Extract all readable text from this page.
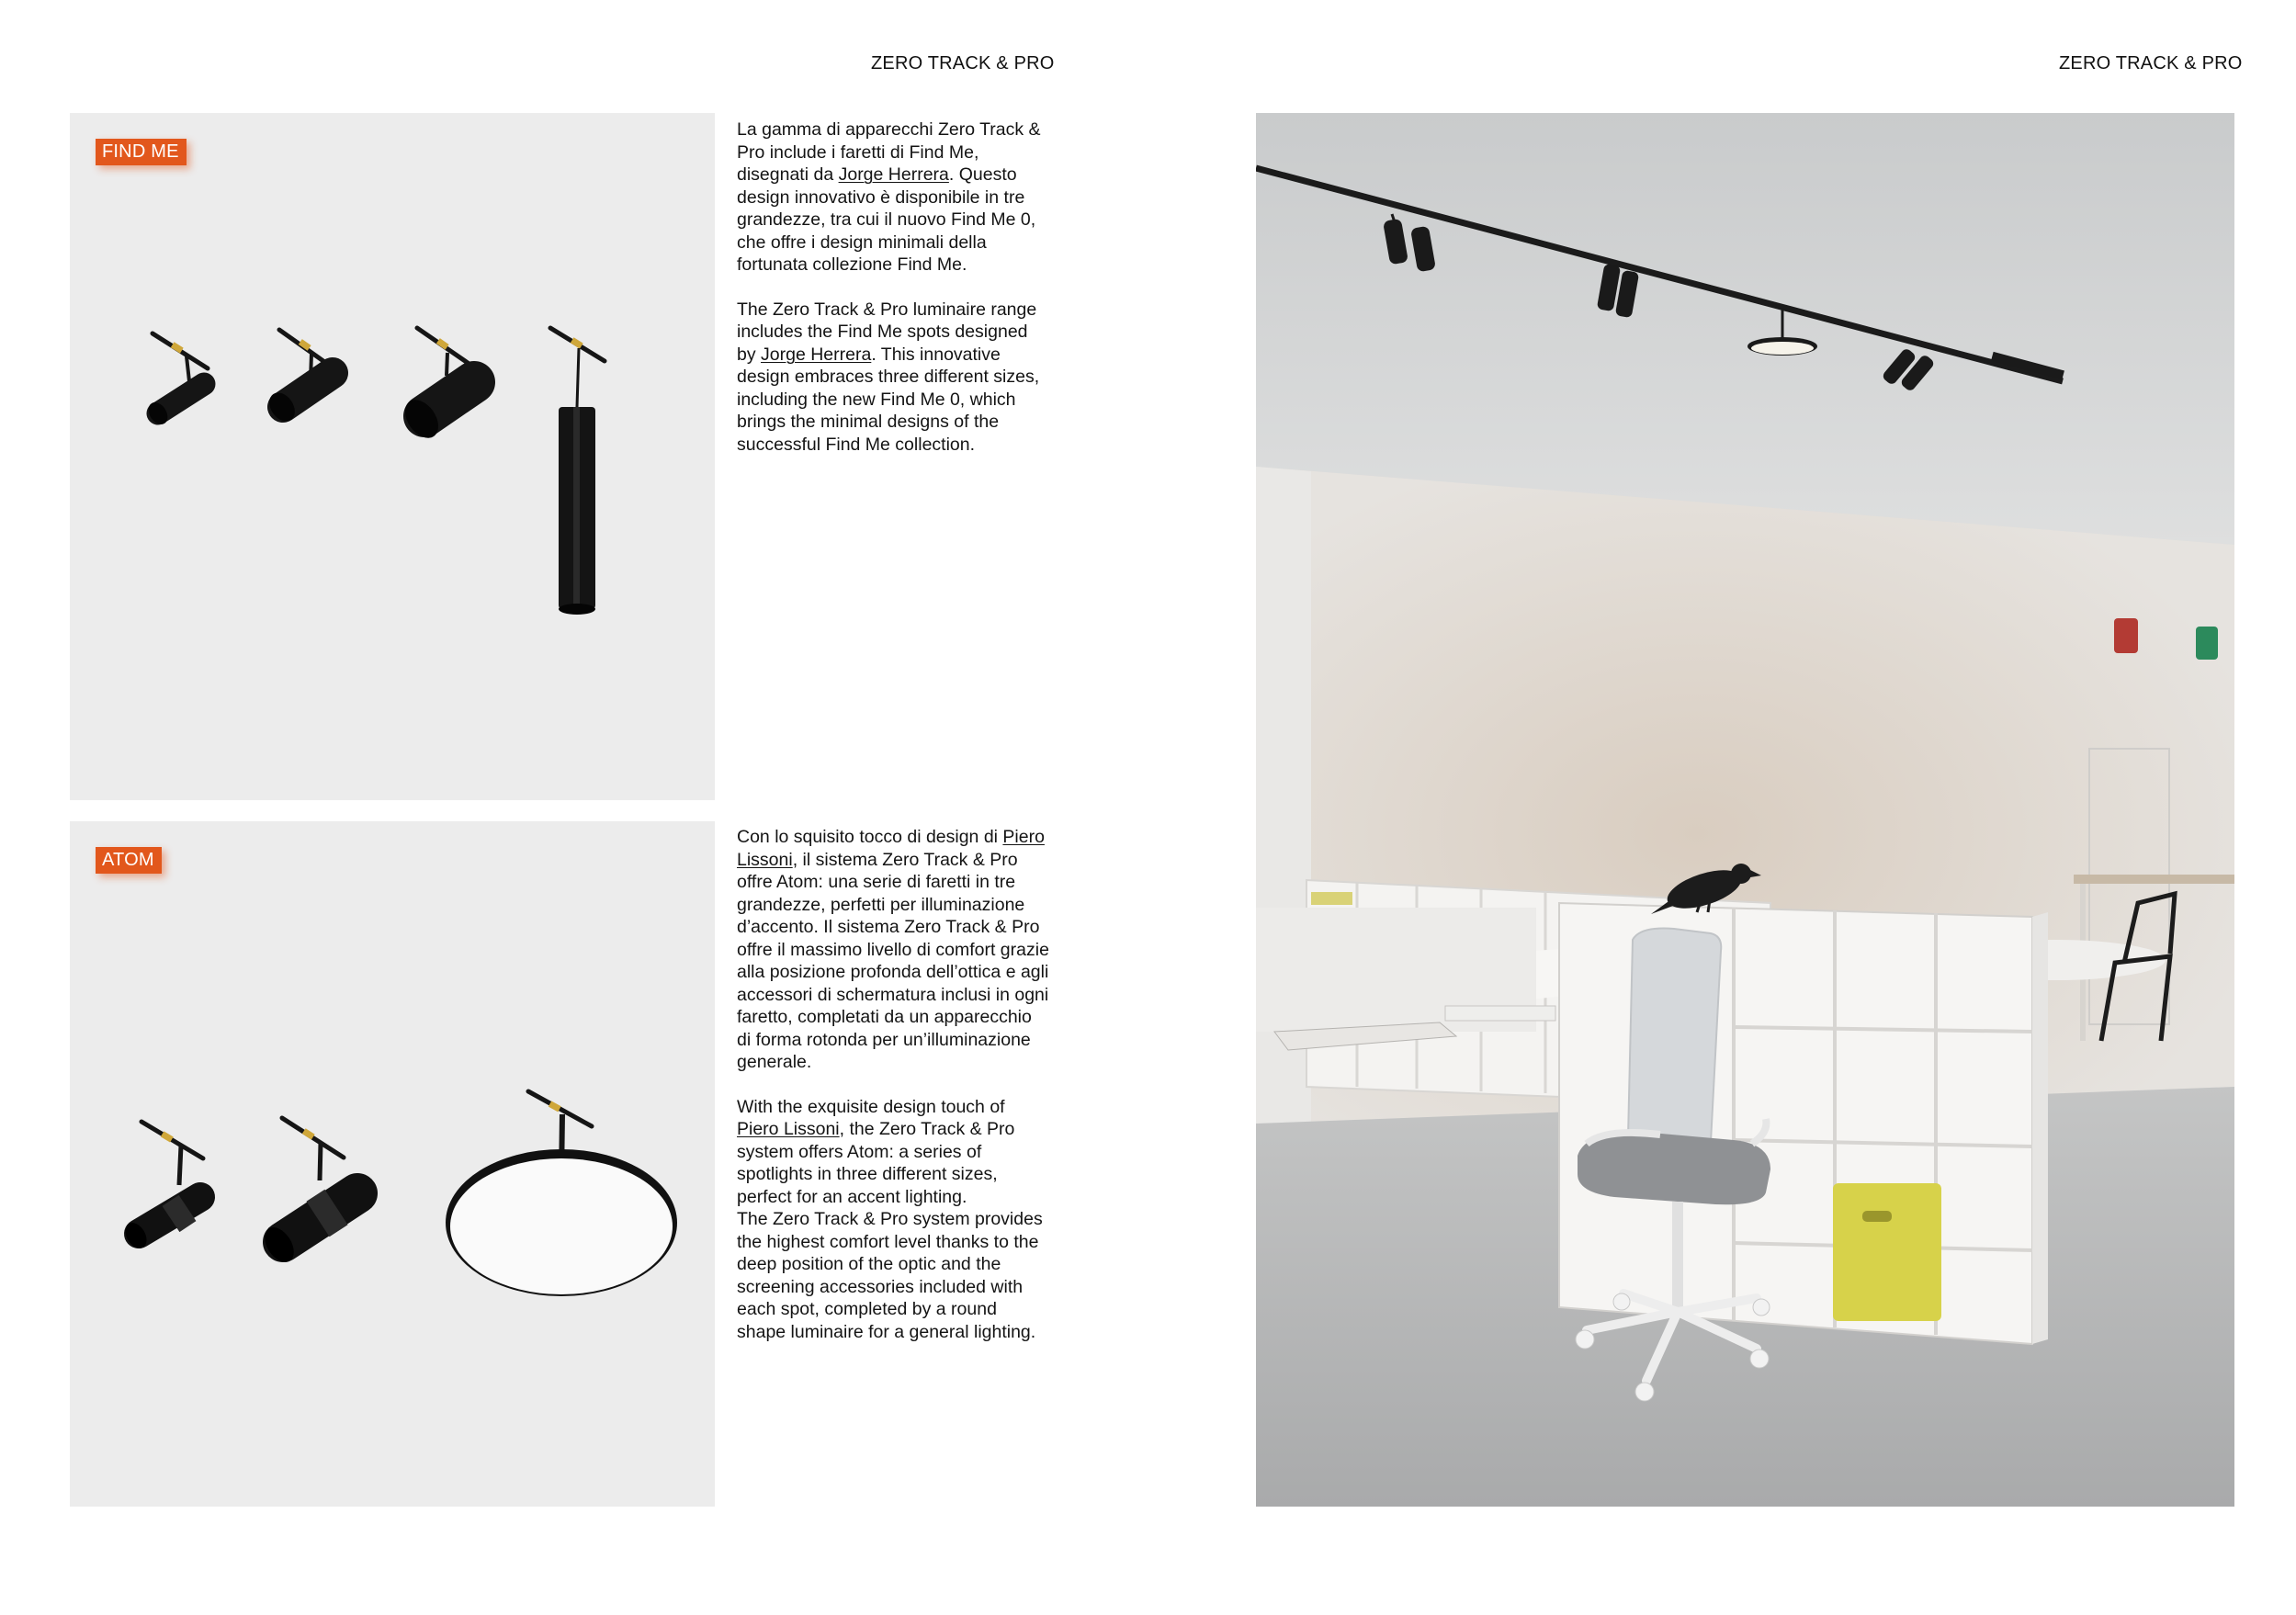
ZERO TRACK & PRO	ZERO TRACK & PRO
FIND ME

La gamma di apparecchi Zero Track & Pro include i faretti di Find Me, disegnati da Jorge Herrera. Questo design innovativo è disponibile in tre grandezze, tra cui il nuovo Find Me 0, che offre i design minimali della fortunata collezione Find Me.

The Zero Track & Pro luminaire range includes the Find Me spots designed by Jorge Herrera. This innovative design embraces three different sizes, including the new Find Me 0, which brings the minimal designs of the successful Find Me collection.

ATOM

Con lo squisito tocco di design di Piero Lissoni, il sistema Zero Track & Pro offre Atom: una serie di faretti in tre grandezze, perfetti per illuminazione d’accento. Il sistema Zero Track & Pro offre il massimo livello di comfort grazie alla posizione profonda dell’ottica e agli accessori di schermatura inclusi in ogni faretto, completati da un apparecchio di forma rotonda per un’illuminazione generale.

With the exquisite design touch of Piero Lissoni, the Zero Track & Pro system offers Atom: a series of spotlights in three different sizes, perfect for an accent lighting.

The Zero Track & Pro system provides the highest comfort level thanks to the deep position of the optic and the screening accessories included with each spot, completed by a round shape luminaire for a general lighting.
